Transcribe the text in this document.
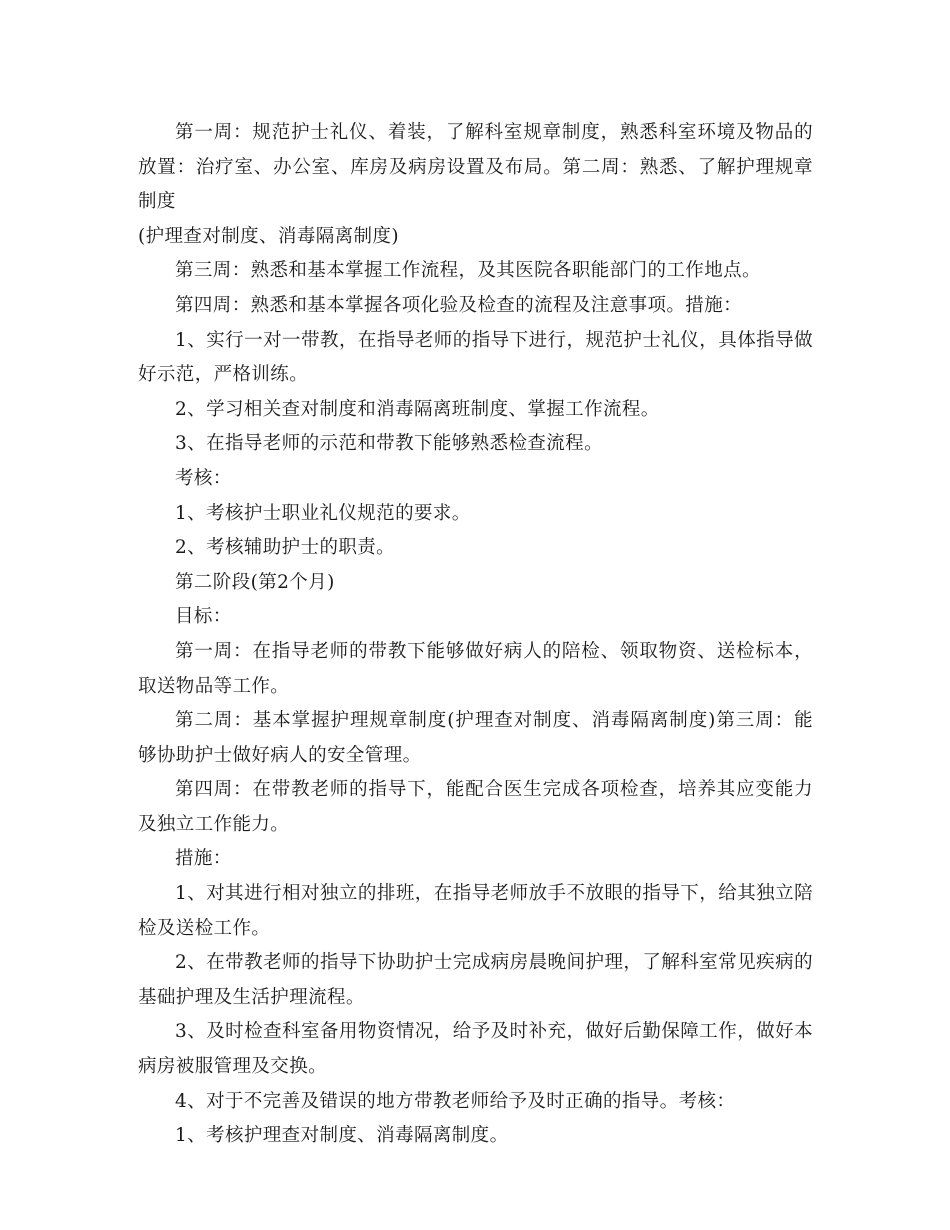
第一周：规范护士礼仪、着装，了解科室规章制度，熟悉科室环境及物品的放置：治疗室、办公室、库房及病房设置及布局。第二周：熟悉、了解护理规章制度

(护理查对制度、消毒隔离制度)

第三周：熟悉和基本掌握工作流程，及其医院各职能部门的工作地点。

第四周：熟悉和基本掌握各项化验及检查的流程及注意事项。措施：

1、实行一对一带教，在指导老师的指导下进行，规范护士礼仪，具体指导做好示范，严格训练。

2、学习相关查对制度和消毒隔离班制度、掌握工作流程。

3、在指导老师的示范和带教下能够熟悉检查流程。

考核：

1、考核护士职业礼仪规范的要求。

2、考核辅助护士的职责。

第二阶段(第2个月)

目标：

第一周：在指导老师的带教下能够做好病人的陪检、领取物资、送检标本，取送物品等工作。

第二周：基本掌握护理规章制度(护理查对制度、消毒隔离制度)第三周：能够协助护士做好病人的安全管理。

第四周：在带教老师的指导下，能配合医生完成各项检查，培养其应变能力及独立工作能力。

措施：

1、对其进行相对独立的排班，在指导老师放手不放眼的指导下，给其独立陪检及送检工作。

2、在带教老师的指导下协助护士完成病房晨晚间护理，了解科室常见疾病的基础护理及生活护理流程。

3、及时检查科室备用物资情况，给予及时补充，做好后勤保障工作，做好本病房被服管理及交换。

4、对于不完善及错误的地方带教老师给予及时正确的指导。考核：

1、考核护理查对制度、消毒隔离制度。
